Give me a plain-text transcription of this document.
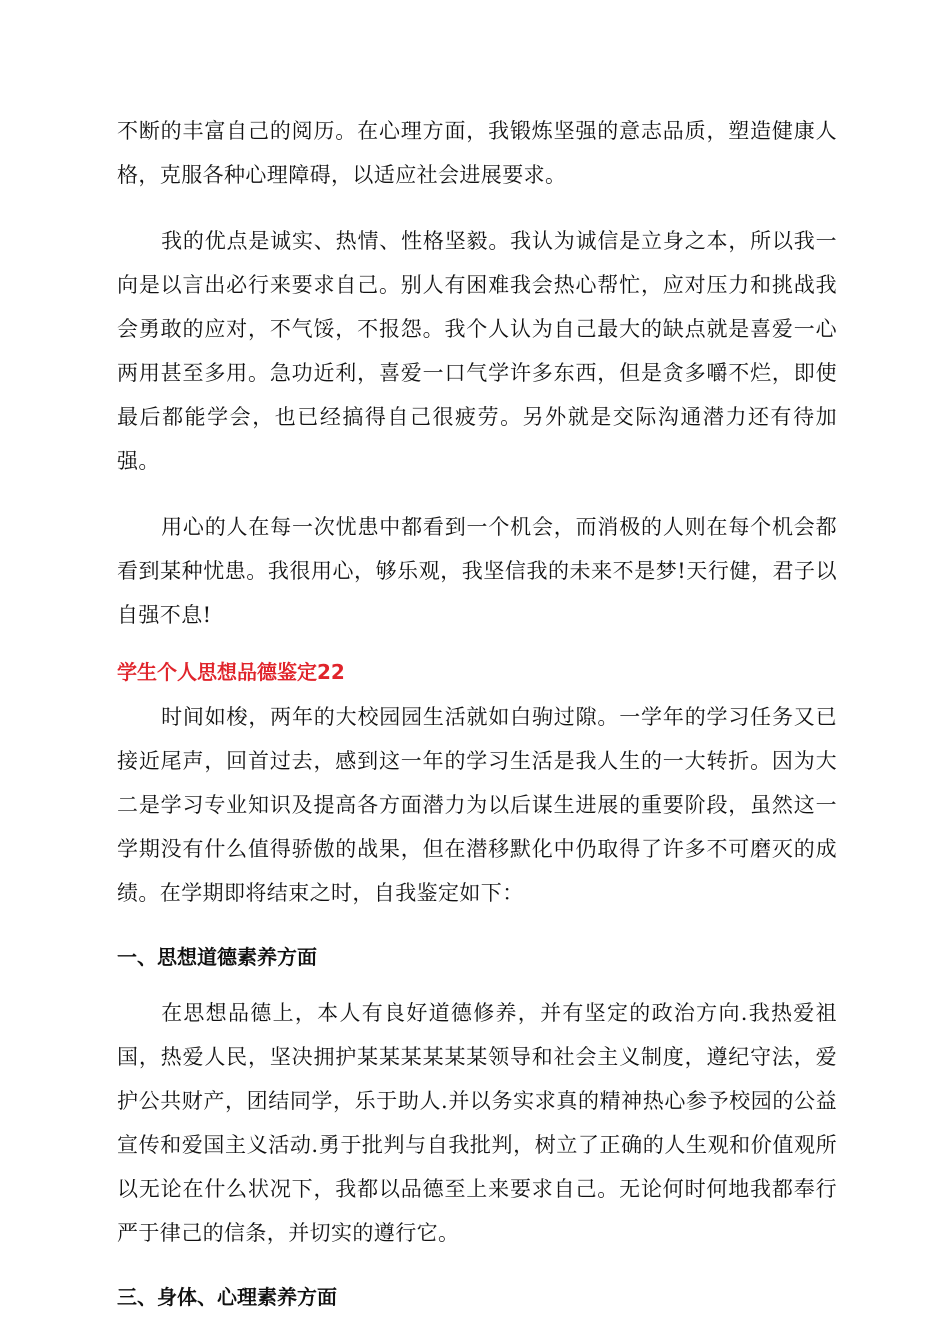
不断的丰富自己的阅历。在心理方面，我锻炼坚强的意志品质，塑造健康人格，克服各种心理障碍，以适应社会进展要求。

我的优点是诚实、热情、性格坚毅。我认为诚信是立身之本，所以我一向是以言出必行来要求自己。别人有困难我会热心帮忙，应对压力和挑战我会勇敢的应对，不气馁，不报怨。我个人认为自己最大的缺点就是喜爱一心两用甚至多用。急功近利，喜爱一口气学许多东西，但是贪多嚼不烂，即使最后都能学会，也已经搞得自己很疲劳。另外就是交际沟通潜力还有待加强。

用心的人在每一次忧患中都看到一个机会，而消极的人则在每个机会都看到某种忧患。我很用心，够乐观，我坚信我的未来不是梦!天行健，君子以自强不息!

学生个人思想品德鉴定22

时间如梭，两年的大校园园生活就如白驹过隙。一学年的学习任务又已接近尾声，回首过去，感到这一年的学习生活是我人生的一大转折。因为大二是学习专业知识及提高各方面潜力为以后谋生进展的重要阶段，虽然这一学期没有什么值得骄傲的战果，但在潜移默化中仍取得了许多不可磨灭的成绩。在学期即将结束之时，自我鉴定如下：

一、思想道德素养方面

在思想品德上，本人有良好道德修养，并有坚定的政治方向.我热爱祖国，热爱人民，坚决拥护某某某某某某领导和社会主义制度，遵纪守法，爱护公共财产，团结同学，乐于助人.并以务实求真的精神热心参予校园的公益宣传和爱国主义活动.勇于批判与自我批判，树立了正确的人生观和价值观所以无论在什么状况下，我都以品德至上来要求自己。无论何时何地我都奉行严于律己的信条，并切实的遵行它。

三、身体、心理素养方面
